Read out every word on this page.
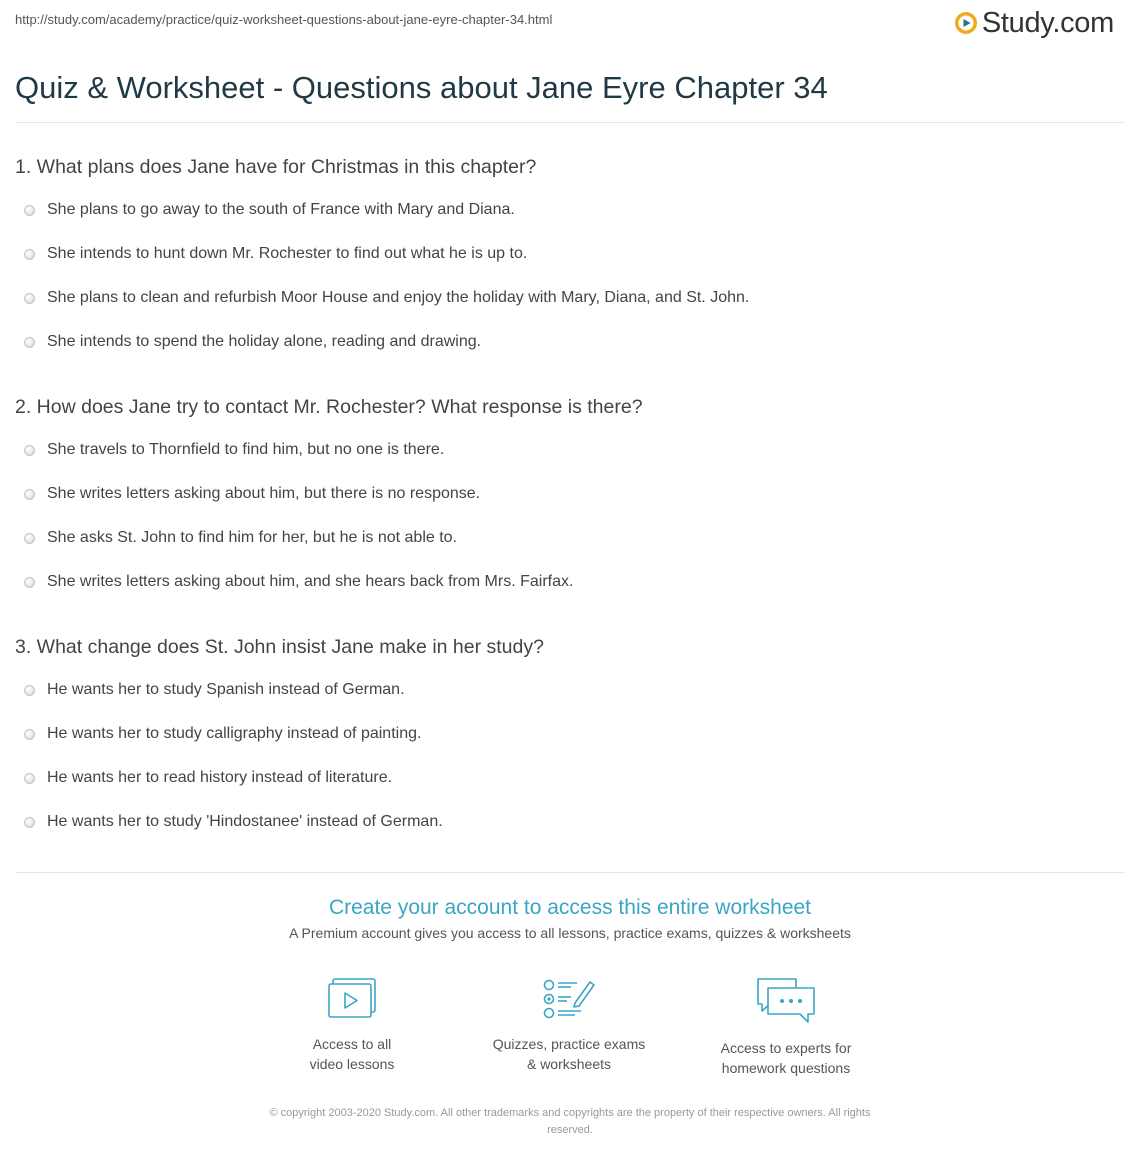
http://study.com/academy/practice/quiz-worksheet-questions-about-jane-eyre-chapter-34.html	Study.com
Quiz & Worksheet - Questions about Jane Eyre Chapter 34
1. What plans does Jane have for Christmas in this chapter?
She plans to go away to the south of France with Mary and Diana.
She intends to hunt down Mr. Rochester to find out what he is up to.
She plans to clean and refurbish Moor House and enjoy the holiday with Mary, Diana, and St. John.
She intends to spend the holiday alone, reading and drawing.
2. How does Jane try to contact Mr. Rochester? What response is there?
She travels to Thornfield to find him, but no one is there.
She writes letters asking about him, but there is no response.
She asks St. John to find him for her, but he is not able to.
She writes letters asking about him, and she hears back from Mrs. Fairfax.
3. What change does St. John insist Jane make in her study?
He wants her to study Spanish instead of German.
He wants her to study calligraphy instead of painting.
He wants her to read history instead of literature.
He wants her to study 'Hindostanee' instead of German.
Create your account to access this entire worksheet
A Premium account gives you access to all lessons, practice exams, quizzes & worksheets
Access to all
video lessons
Quizzes, practice exams
& worksheets
Access to experts for
homework questions
© copyright 2003-2020 Study.com. All other trademarks and copyrights are the property of their respective owners. All rights
reserved.
